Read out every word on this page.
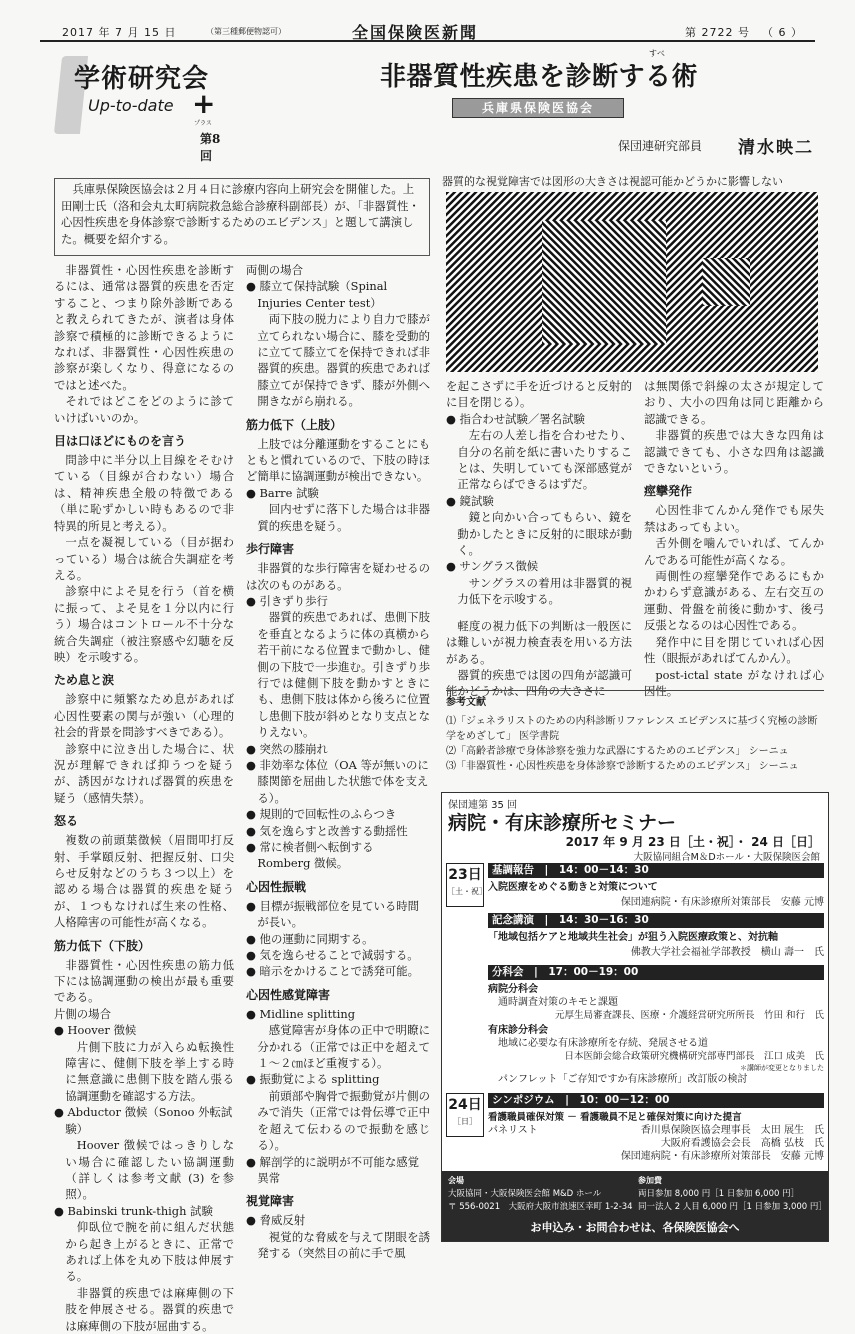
2017 年 7 月 15 日	（第三種郵便物認可）	全国保険医新聞	第 2722 号 （ 6 ）
学術研究会
Up-to-date +
プラス
第8回
すべ
非器質性疾患を診断する術
兵庫県保険医協会
保団連研究部員 清水映二

兵庫県保険医協会は２月４日に診療内容向上研究会を開催した。上田剛士氏（洛和会丸太町病院救急総合診療科副部長）が、「非器質性・心因性疾患を身体診察で診断するためのエビデンス」と題して講演した。概要を紹介する。

器質的な視覚障害では図形の大きさは視認可能かどうかに影響しない

非器質性・心因性疾患を診断するには、通常は器質的疾患を否定すること、つまり除外診断であると教えられてきたが、演者は身体診察で積極的に診断できるようになれば、非器質性・心因性疾患の診察が楽しくなり、得意になるのではと述べた。

それではどこをどのように診ていけばいいのか。

目は口ほどにものを言う

問診中に半分以上目線をそむけている（目線が合わない）場合は、精神疾患全般の特徴である（単に恥ずかしい時もあるので非特異的所見と考える）。

一点を凝視している（目が据わっている）場合は統合失調症を考える。

診察中によそ見を行う（首を横に振って、よそ見を１分以内に行う）場合はコントロール不十分な統合失調症（被注察感や幻聴を反映）を示唆する。

ため息と涙

診察中に頻繁なため息があれば心因性要素の関与が強い（心理的社会的背景を問診すべきである）。

診察中に泣き出した場合に、状況が理解できれば抑うつを疑うが、誘因がなければ器質的疾患を疑う（感情失禁）。

怒る

複数の前頭葉徴候（眉間叩打反射、手掌頤反射、把握反射、口尖らせ反射などのうち３つ以上）を認める場合は器質的疾患を疑うが、１つもなければ生来の性格、人格障害の可能性が高くなる。

筋力低下（下肢）

非器質性・心因性疾患の筋力低下には協調運動の検出が最も重要である。

片側の場合

● Hoover 徴候

片側下肢に力が入らぬ転換性障害に、健側下肢を挙上する時に無意識に患側下肢を踏ん張る協調運動を確認する方法。

● Abductor 徴候（Sonoo 外転試験）

Hoover 徴候ではっきりしない場合に確認したい協調運動（詳しくは参考文献 (3) を参照）。

● Babinski trunk-thigh 試験

仰臥位で腕を前に組んだ状態から起き上がるときに、正常であれば上体を丸め下肢は伸展する。

非器質的疾患では麻痺側の下肢を伸展させる。器質的疾患では麻痺側の下肢が屈曲する。

両側の場合

● 膝立て保持試験（Spinal Injuries Center test）

両下肢の脱力により自力で膝が立てられない場合に、膝を受動的に立てて膝立てを保持できれば非器質的疾患。器質的疾患であれば膝立てが保持できず、膝が外側へ開きながら崩れる。

筋力低下（上肢）

上肢では分離運動をすることにもともと慣れているので、下肢の時ほど簡単に協調運動が検出できない。

● Barre 試験

回内せずに落下した場合は非器質的疾患を疑う。

歩行障害

非器質的な歩行障害を疑わせるのは次のものがある。

● 引きずり歩行

器質的疾患であれば、患側下肢を垂直となるように体の真横から若干前になる位置まで動かし、健側の下肢で一歩進む。引きずり歩行では健側下肢を動かすときにも、患側下肢は体から後ろに位置し患側下肢が斜めとなり支点となりえない。

● 突然の膝崩れ

● 非効率な体位（OA 等が無いのに膝関節を屈曲した状態で体を支える）。

● 規則的で回転性のふらつき

● 気を逸らすと改善する動揺性

● 常に検者側へ転倒する Romberg 徴候。

心因性振戦

● 目標が振戦部位を見ている時間が長い。

● 他の運動に同期する。

● 気を逸らせることで減弱する。

● 暗示をかけることで誘発可能。

心因性感覚障害

● Midline splitting

感覚障害が身体の正中で明瞭に分かれる（正常では正中を超えて１～２㎝ほど重複する）。

● 振動覚による splitting

前頭部や胸骨で振動覚が片側のみで消失（正常では骨伝導で正中を超えて伝わるので振動を感じる）。

● 解剖学的に説明が不可能な感覚異常

視覚障害

● 脅威反射

視覚的な脅威を与えて閉眼を誘発する（突然目の前に手で風

を起こさずに手を近づけると反射的に目を閉じる）。

● 指合わせ試験／署名試験

左右の人差し指を合わせたり、自分の名前を紙に書いたりすることは、失明していても深部感覚が正常ならばできるはずだ。

● 鏡試験

鏡と向かい合ってもらい、鏡を動かしたときに反射的に眼球が動く。

● サングラス徴候

サングラスの着用は非器質的視力低下を示唆する。

軽度の視力低下の判断は一般医には難しいが視力検査表を用いる方法がある。

器質的疾患では図の四角が認識可能かどうかは、四角の大きさに

は無関係で斜線の太さが規定しており、大小の四角は同じ距離から認識できる。

非器質的疾患では大きな四角は認識できても、小さな四角は認識できないという。

痙攣発作

心因性非てんかん発作でも尿失禁はあってもよい。

舌外側を噛んでいれば、てんかんである可能性が高くなる。

両側性の痙攣発作であるにもかかわらず意識がある、左右交互の運動、骨盤を前後に動かす、後弓反張となるのは心因性である。

発作中に目を閉じていれば心因性（眼振があればてんかん）。

post-ictal state がなければ心因性。

参考文献

⑴「ジェネラリストのための内科診断リファレンス エビデンスに基づく究極の診断学をめざして」 医学書院

⑵「高齢者診療で身体診察を強力な武器にするためのエビデンス」 シーニュ

⑶「非器質性・心因性疾患を身体診察で診断するためのエビデンス」 シーニュ

保団連第 35 回
病院・有床診療所セミナー
2017 年 9 月 23 日［土・祝］・ 24 日［日］
大阪協同組合M＆Dホール・大阪保険医会館
23日
［土・祝］
基調報告　|　14：00－14：30
入院医療をめぐる動きと対策について
保団連病院・有床診療所対策部長　安藤 元博
記念講演　|　14：30－16：30
「地域包括ケアと地域共生社会」が狙う入院医療政策と、対抗軸
佛教大学社会福祉学部教授　横山 壽一　氏
分科会　|　17：00－19：00
病院分科会
通時調査対策のキモと課題
元厚生局審査課長、医療・介護経営研究所所長　竹田 和行　氏
有床診分科会
地域に必要な有床診療所を存続、発展させる道
日本医師会総合政策研究機構研究部専門部長　江口 成美　氏
＊講師が変更となりました
パンフレット「ご存知ですか有床診療所」改訂版の検討
24日
［日］
シンポジウム　|　10：00－12：00
看護職員確保対策 － 看護職員不足と確保対策に向けた提言
パネリスト	香川県保険医協会理事長　太田 展生　氏
大阪府看護協会会長　高橋 弘枝　氏
保団連病院・有床診療所対策部長　安藤 元博
会場
大阪協同・大阪保険医会館 M&D ホール
〒 556-0021　大阪府大阪市浪速区幸町 1-2-34
参加費
両日参加 8,000 円［1 日参加 6,000 円］
同一法人 2 人目 6,000 円［1 日参加 3,000 円］
お申込み・お問合わせは、各保険医協会へ
